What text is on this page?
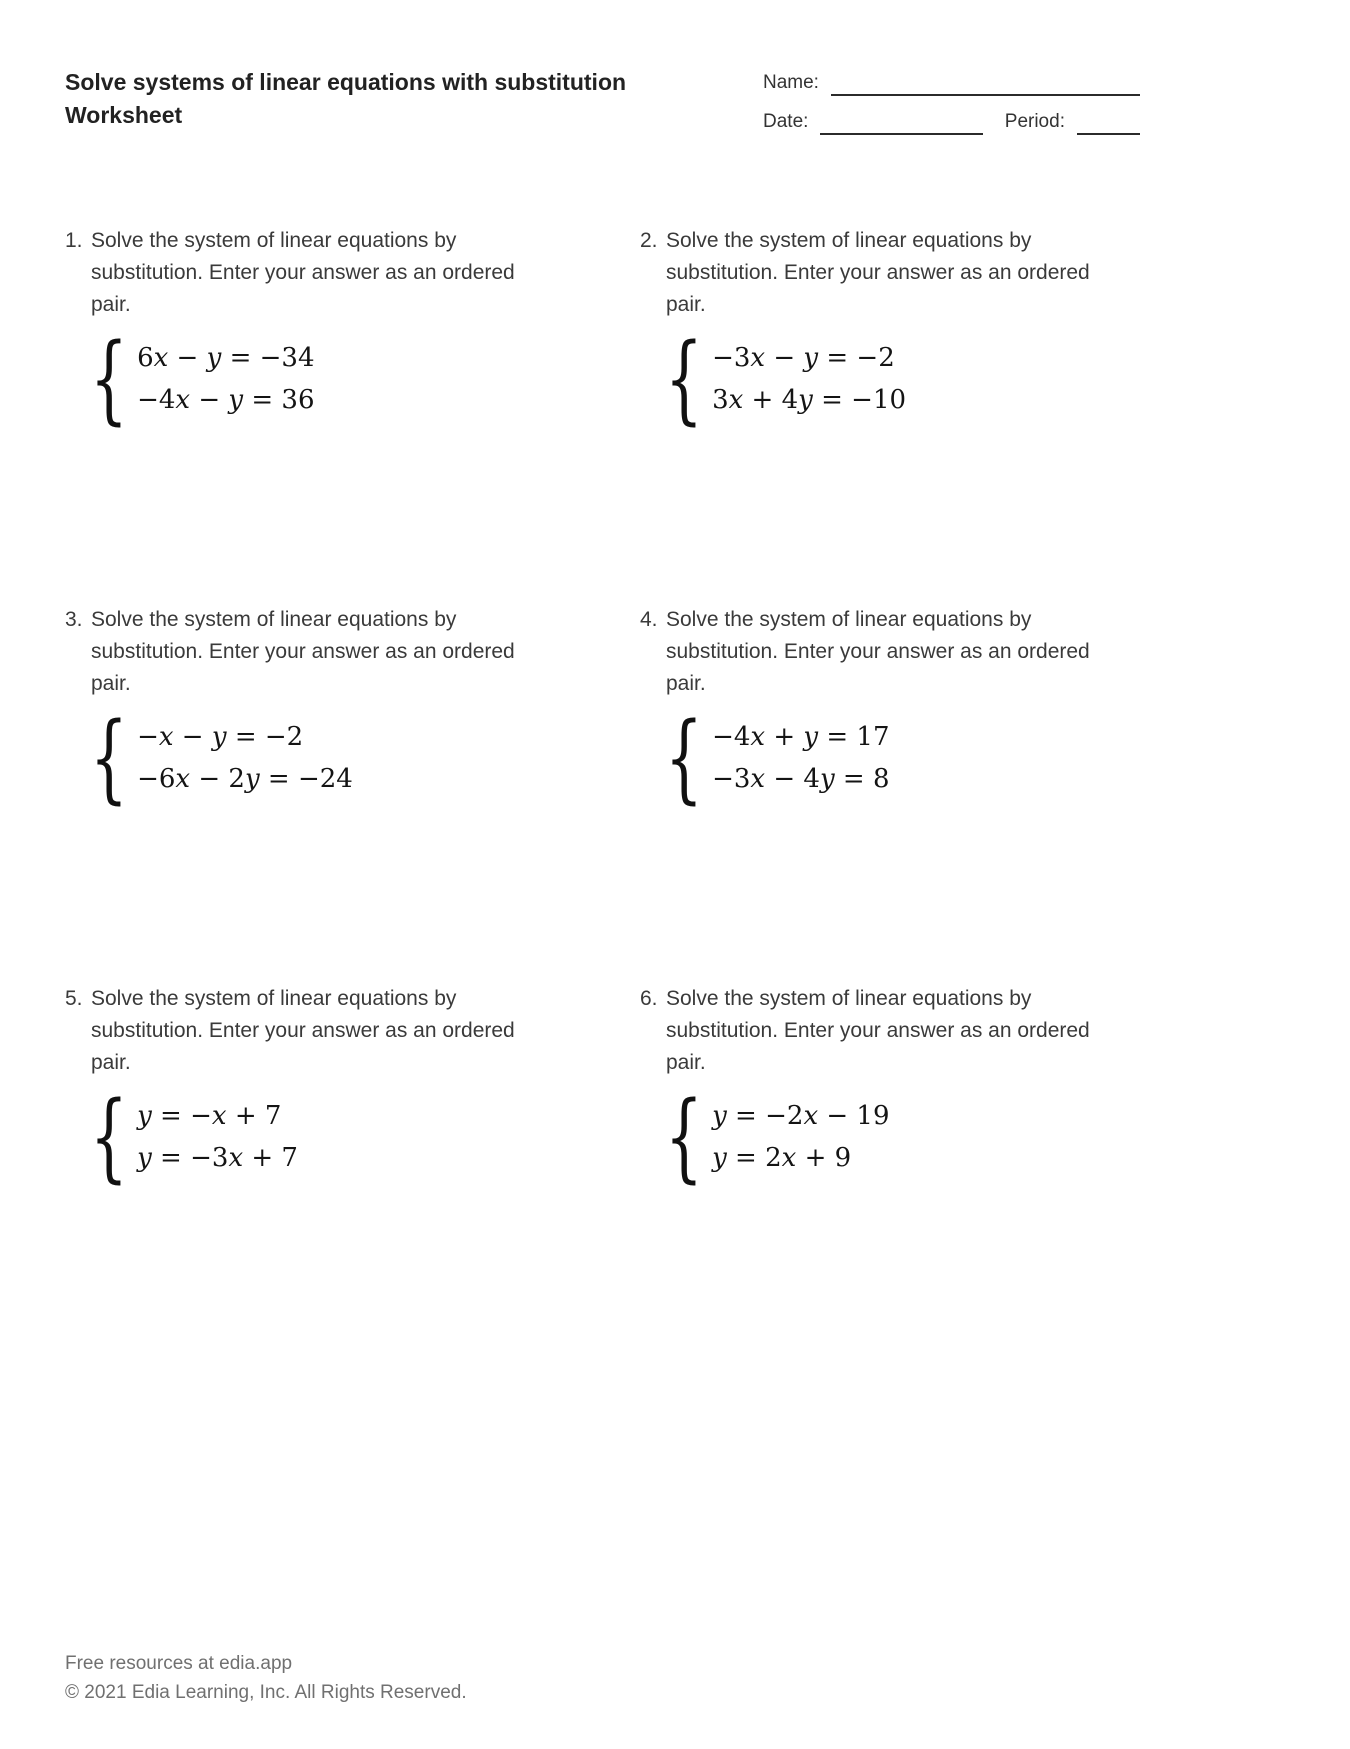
Solve systems of linear equations with substitution
Worksheet
Name:
Date:	Period:
1. Solve the system of linear equations by substitution. Enter your answer as an ordered pair.

{ 6x − y = −34
−4x − y = 36
2. Solve the system of linear equations by substitution. Enter your answer as an ordered pair.

{ −3x − y = −2
3x + 4y = −10
3. Solve the system of linear equations by substitution. Enter your answer as an ordered pair.

{ −x − y = −2
−6x − 2y = −24
4. Solve the system of linear equations by substitution. Enter your answer as an ordered pair.

{ −4x + y = 17
−3x − 4y = 8
5. Solve the system of linear equations by substitution. Enter your answer as an ordered pair.

{ y = −x + 7
y = −3x + 7
6. Solve the system of linear equations by substitution. Enter your answer as an ordered pair.

{ y = −2x − 19
y = 2x + 9
Free resources at edia.app
© 2021 Edia Learning, Inc. All Rights Reserved.
